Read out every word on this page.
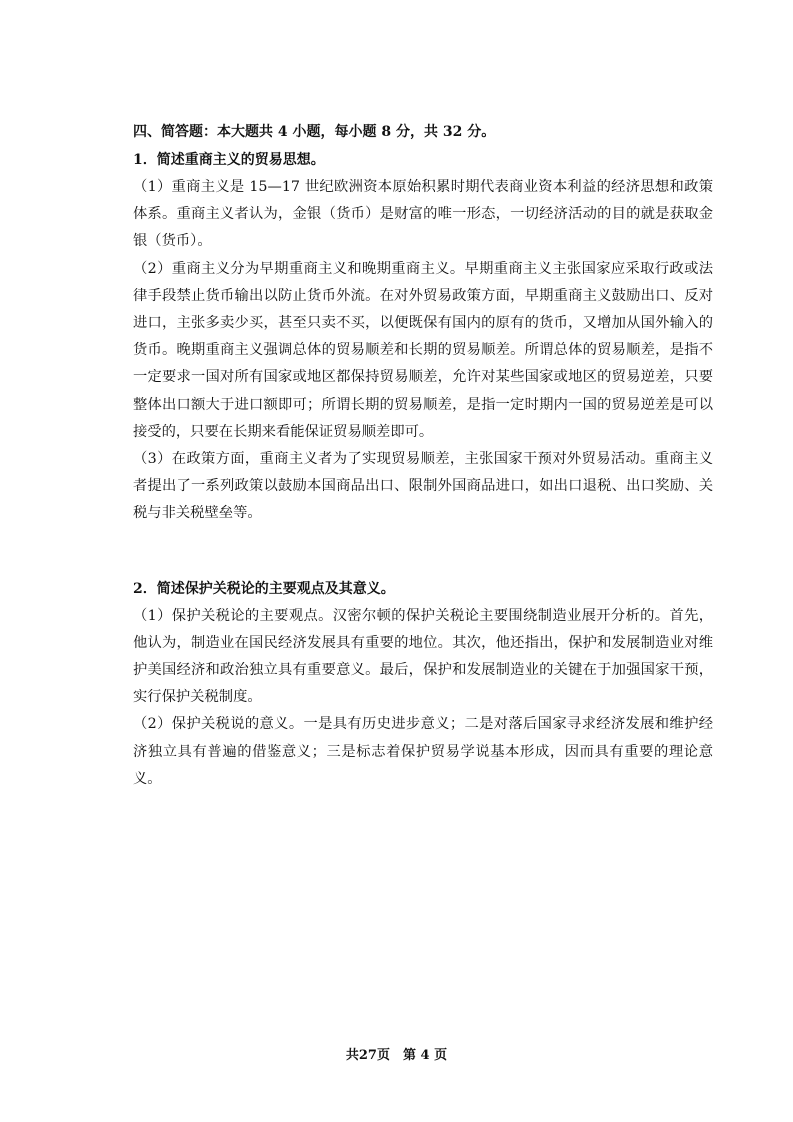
四、简答题：本大题共 4 小题，每小题 8 分，共 32 分。
1．简述重商主义的贸易思想。

（1）重商主义是 15—17 世纪欧洲资本原始积累时期代表商业资本利益的经济思想和政策体系。重商主义者认为，金银（货币）是财富的唯一形态，一切经济活动的目的就是获取金银（货币）。

（2）重商主义分为早期重商主义和晚期重商主义。早期重商主义主张国家应采取行政或法律手段禁止货币输出以防止货币外流。在对外贸易政策方面，早期重商主义鼓励出口、反对进口，主张多卖少买，甚至只卖不买，以便既保有国内的原有的货币，又增加从国外输入的货币。晚期重商主义强调总体的贸易顺差和长期的贸易顺差。所谓总体的贸易顺差，是指不一定要求一国对所有国家或地区都保持贸易顺差，允许对某些国家或地区的贸易逆差，只要整体出口额大于进口额即可；所谓长期的贸易顺差，是指一定时期内一国的贸易逆差是可以接受的，只要在长期来看能保证贸易顺差即可。

（3）在政策方面，重商主义者为了实现贸易顺差，主张国家干预对外贸易活动。重商主义者提出了一系列政策以鼓励本国商品出口、限制外国商品进口，如出口退税、出口奖励、关税与非关税壁垒等。

2．简述保护关税论的主要观点及其意义。

（1）保护关税论的主要观点。汉密尔顿的保护关税论主要围绕制造业展开分析的。首先，他认为，制造业在国民经济发展具有重要的地位。其次，他还指出，保护和发展制造业对维护美国经济和政治独立具有重要意义。最后，保护和发展制造业的关键在于加强国家干预，实行保护关税制度。

（2）保护关税说的意义。一是具有历史进步意义；二是对落后国家寻求经济发展和维护经济独立具有普遍的借鉴意义；三是标志着保护贸易学说基本形成，因而具有重要的理论意义。

共27页　第 4 页
